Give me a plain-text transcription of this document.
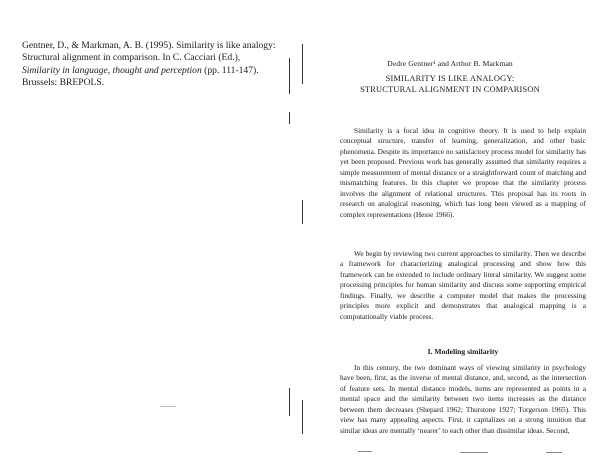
Gentner, D., & Markman, A. B. (1995). Similarity is like analogy:
Structural alignment in comparison. In C. Cacciari (Ed.),
Similarity in language, thought and perception (pp. 111-147).
Brussels: BREPOLS.
Dedre Gentner¹ and Arthur B. Markman
SIMILARITY IS LIKE ANALOGY:
STRUCTURAL ALIGNMENT IN COMPARISON

Similarity is a focal idea in cognitive theory. It is used to help explain conceptual structure, transfer of learning, generalization, and other basic phenomena. Despite its importance no satisfactory process model for similarity has yet been proposed. Previous work has generally assumed that similarity requires a simple measurement of mental distance or a straightforward count of matching and mismatching features. In this chapter we propose that the similarity process involves the alignment of relational structures. This proposal has its roots in research on analogical reasoning, which has long been viewed as a mapping of complex representations (Hesse 1966).

We begin by reviewing two current approaches to similarity. Then we describe a framework for characterizing analogical processing and show how this framework can be extended to include ordinary literal similarity. We suggest some processing principles for human similarity and discuss some supporting empirical findings. Finally, we describe a computer model that makes the processing principles more explicit and demonstrates that analogical mapping is a computationally viable process.

I. Modeling similarity

In this century, the two dominant ways of viewing similarity in psychology have been, first, as the inverse of mental distance, and, second, as the intersection of feature sets. In mental distance models, items are represented as points in a mental space and the similarity between two items increases as the distance between them decreases (Shepard 1962; Thurstone 1927; Torgerson 1965). This view has many appealing aspects. First, it capitalizes on a strong intuition that similar ideas are mentally ‘nearer’ to each other than dissimilar ideas. Second,
